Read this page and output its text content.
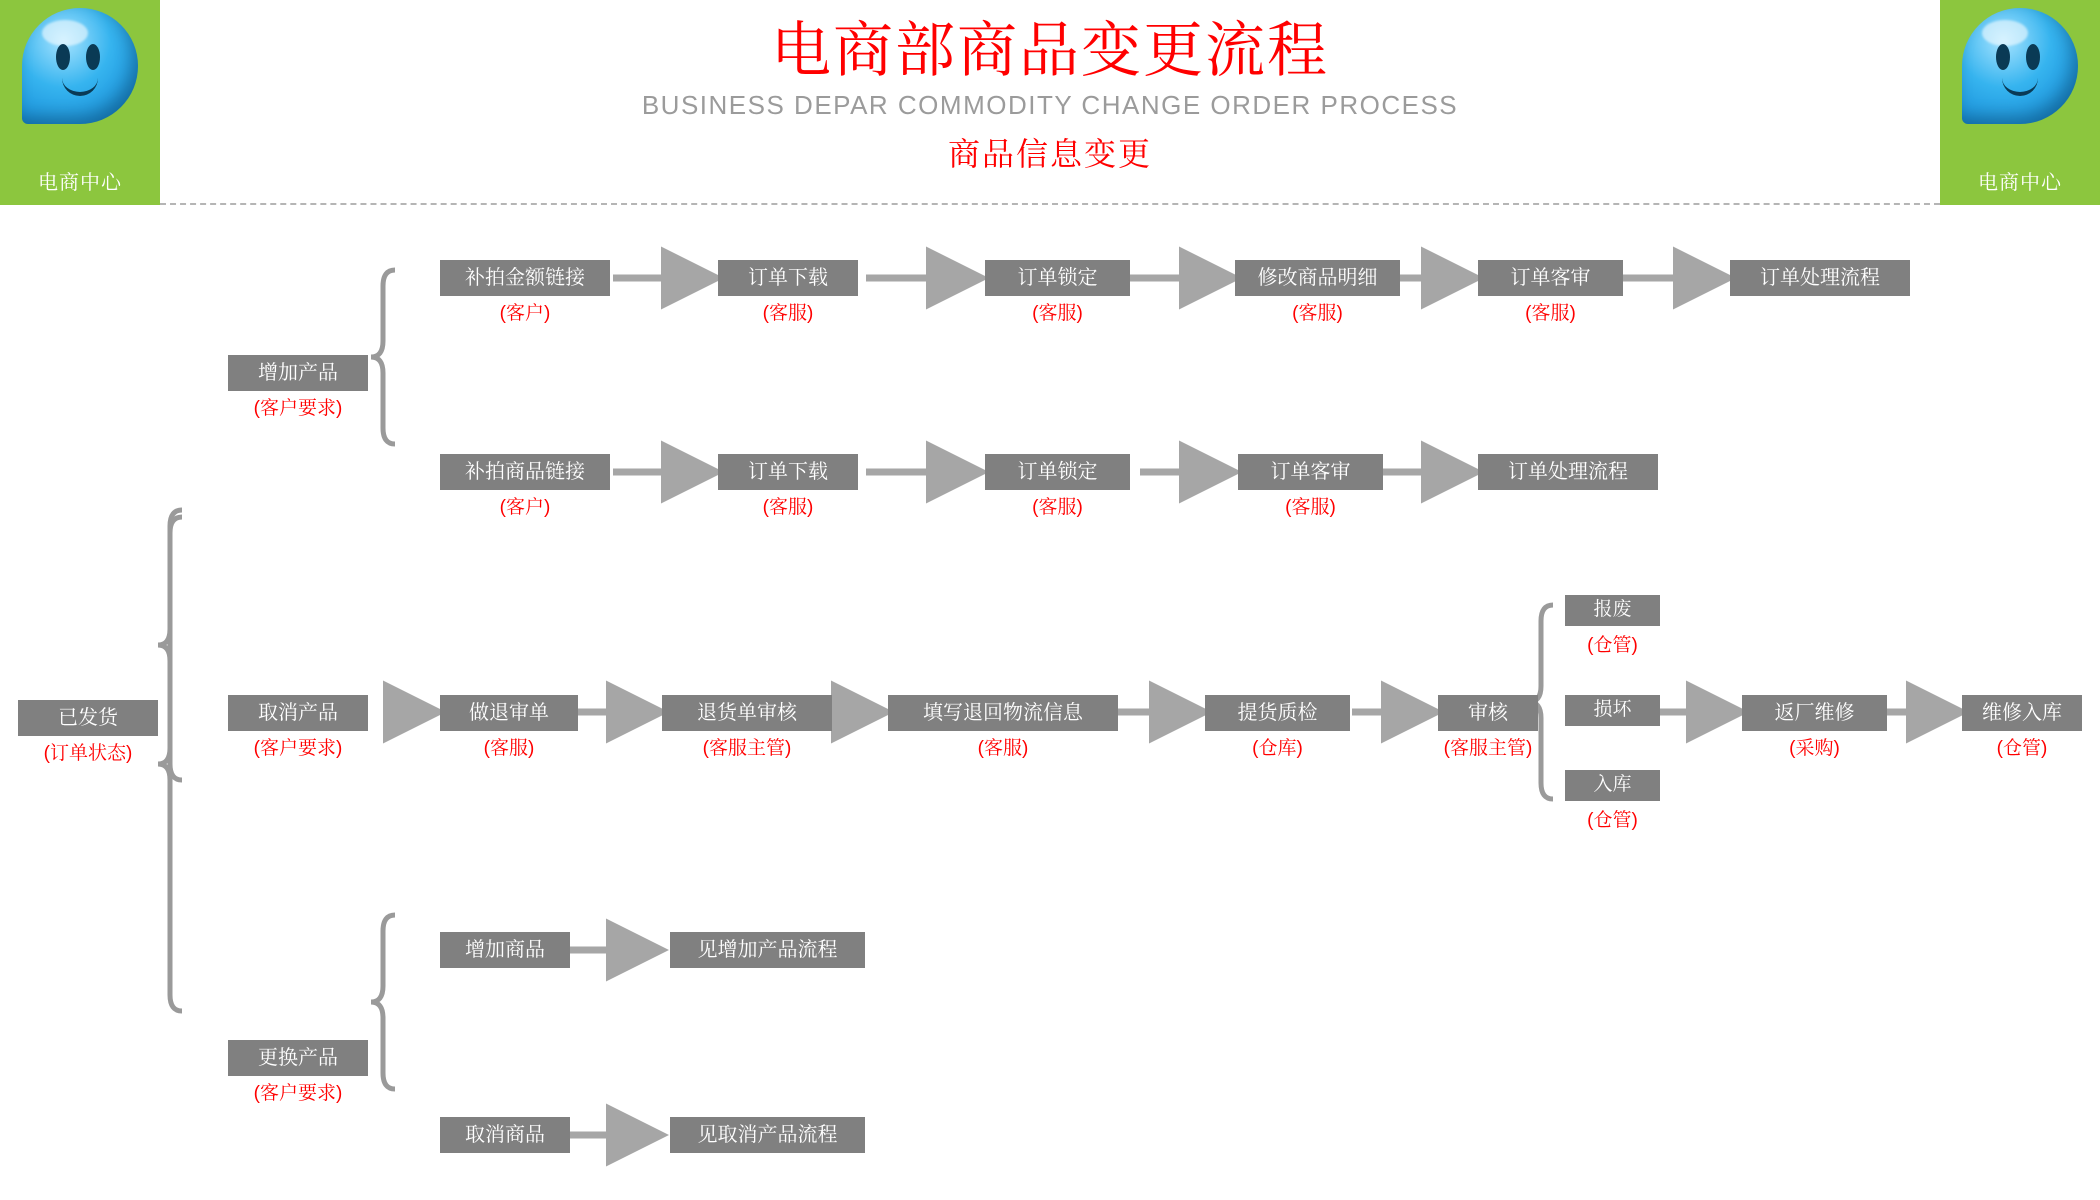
电商中心
电商部商品变更流程
BUSINESS DEPAR COMMODITY CHANGE ORDER PROCESS
商品信息变更
电商中心
已发货
(订单状态)
增加产品
(客户要求)
补拍金额链接
(客户)
订单下载
(客服)
订单锁定
(客服)
修改商品明细
(客服)
订单客审
(客服)
订单处理流程
补拍商品链接
(客户)
订单下载
(客服)
订单锁定
(客服)
订单客审
(客服)
订单处理流程
取消产品
(客户要求)
做退审单
(客服)
退货单审核
(客服主管)
填写退回物流信息
(客服)
提货质检
(仓库)
审核
(客服主管)
报废
(仓管)
损坏
入库
(仓管)
返厂维修
(采购)
维修入库
(仓管)
更换产品
(客户要求)
增加商品	见增加产品流程
取消商品	见取消产品流程
